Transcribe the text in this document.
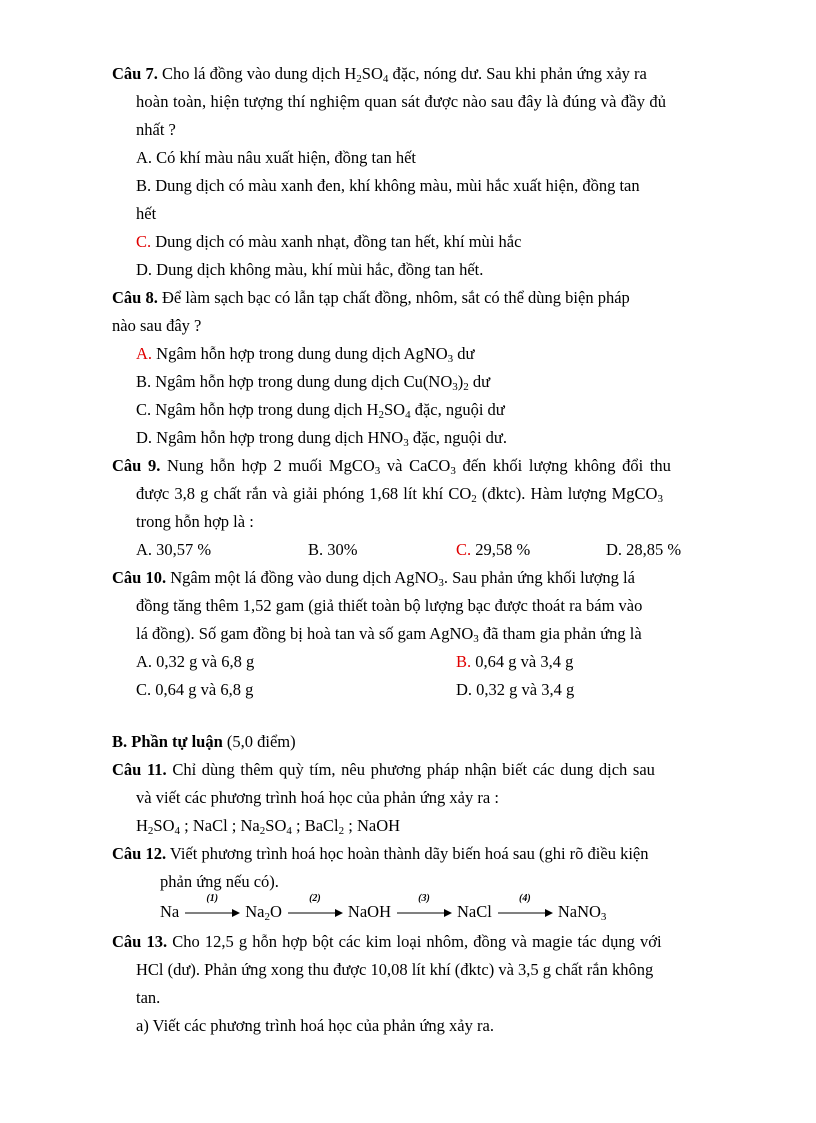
Câu 7. Cho lá đồng vào dung dịch $H_2SO_4$ đặc, nóng dư. Sau khi phản ứng xảy ra
hoàn toàn, hiện tượng thí nghiệm quan sát được nào sau đây là đúng và đầy đủ
nhất ?
A. Có khí màu nâu xuất hiện, đồng tan hết
B. Dung dịch có màu xanh đen, khí không màu, mùi hắc xuất hiện, đồng tan
hết
C. Dung dịch có màu xanh nhạt, đồng tan hết, khí mùi hắc
D. Dung dịch không màu, khí mùi hắc, đồng tan hết.
Câu 8. Để làm sạch bạc có lẫn tạp chất đồng, nhôm, sắt có thể dùng biện pháp
nào sau đây ?
A. Ngâm hỗn hợp trong dung dung dịch AgNO$_3$ dư
B. Ngâm hỗn hợp trong dung dung dịch $Cu(NO_3)_2$ dư
C. Ngâm hỗn hợp trong dung dịch $H_2SO_4$ đặc, nguội dư
D. Ngâm hỗn hợp trong dung dịch $HNO_3$ đặc, nguội dư.
Câu 9. Nung hỗn hợp 2 muối MgCO$_3$ và CaCO$_3$ đến khối lượng không đổi thu
được 3,8 g chất rắn và giải phóng 1,68 lít khí $CO_2$ (đktc). Hàm lượng MgCO$_3$
trong hỗn hợp là :
A. 30,57 %	B. 30%	C. 29,58 %	D. 28,85 %
Câu 10. Ngâm một lá đồng vào dung dịch AgNO$_3$. Sau phản ứng khối lượng lá
đồng tăng thêm 1,52 gam (giả thiết toàn bộ lượng bạc được thoát ra bám vào
lá đồng). Số gam đồng bị hoà tan và số gam AgNO$_3$ đã tham gia phản ứng là
A. 0,32 g và 6,8 g	B. 0,64 g và 3,4 g
C. 0,64 g và 6,8 g	D. 0,32 g và 3,4 g
B. Phần tự luận (5,0 điểm)
Câu 11. Chỉ dùng thêm quỳ tím, nêu phương pháp nhận biết các dung dịch sau
và viết các phương trình hoá học của phản ứng xảy ra :
$H_2SO_4$ ; NaCl ; $Na_2SO_4$ ; BaCl$_2$ ; NaOH
Câu 12. Viết phương trình hoá học hoàn thành dãy biến hoá sau (ghi rõ điều kiện
phản ứng nếu có).
Na
(1)
$Na_2O$
(2)
NaOH
(3)
NaCl
(4)
NaNO$_3$
Câu 13. Cho 12,5 g hỗn hợp bột các kim loại nhôm, đồng và magie tác dụng với
HCl (dư). Phản ứng xong thu được 10,08 lít khí (đktc) và 3,5 g chất rắn không
tan.
a) Viết các phương trình hoá học của phản ứng xảy ra.
